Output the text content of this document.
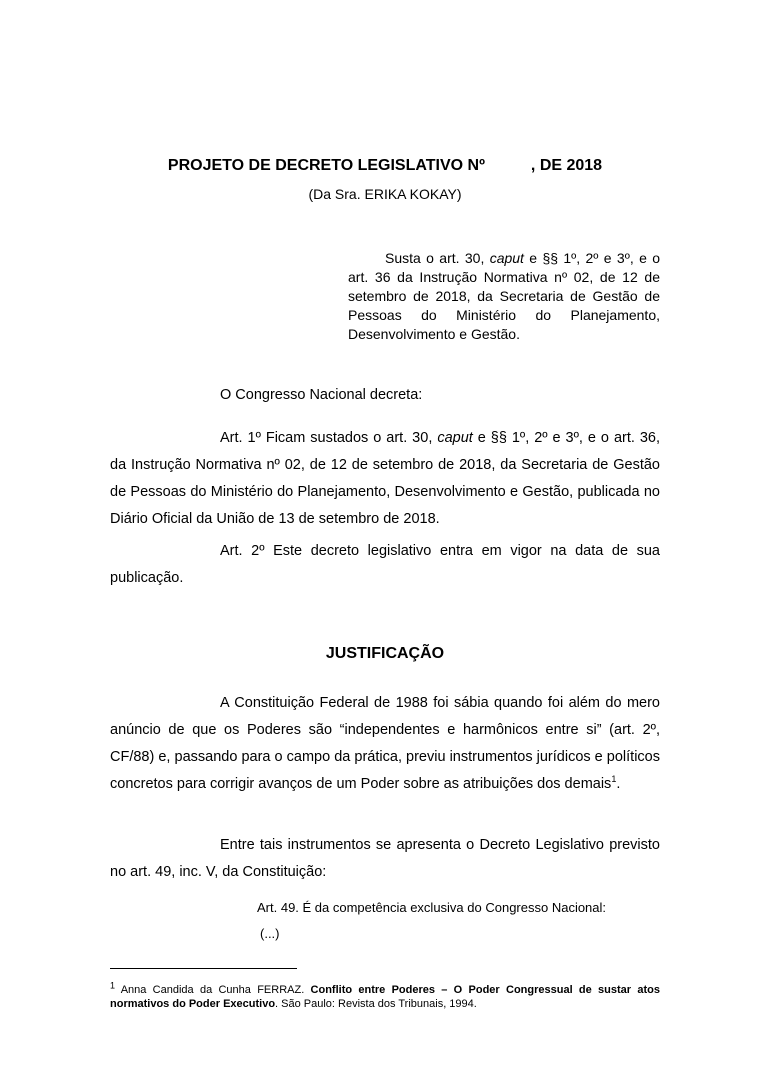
PROJETO DE DECRETO LEGISLATIVO Nº	, DE 2018
(Da Sra. ERIKA KOKAY)
Susta o art. 30, caput e §§ 1º, 2º e 3º, e o art. 36 da Instrução Normativa nº 02, de 12 de setembro de 2018, da Secretaria de Gestão de Pessoas do Ministério do Planejamento, Desenvolvimento e Gestão.
O Congresso Nacional decreta:
Art. 1º Ficam sustados o art. 30, caput e §§ 1º, 2º e 3º, e o art. 36, da Instrução Normativa nº 02, de 12 de setembro de 2018, da Secretaria de Gestão de Pessoas do Ministério do Planejamento, Desenvolvimento e Gestão, publicada no Diário Oficial da União de 13 de setembro de 2018.
Art. 2º Este decreto legislativo entra em vigor na data de sua publicação.
JUSTIFICAÇÃO
A Constituição Federal de 1988 foi sábia quando foi além do mero anúncio de que os Poderes são “independentes e harmônicos entre si” (art. 2º, CF/88) e, passando para o campo da prática, previu instrumentos jurídicos e políticos concretos para corrigir avanços de um Poder sobre as atribuições dos demais$^1$.
Entre tais instrumentos se apresenta o Decreto Legislativo previsto no art. 49, inc. V, da Constituição:
Art. 49. É da competência exclusiva do Congresso Nacional:
(...)
$^1$ Anna Candida da Cunha FERRAZ. Conflito entre Poderes – O Poder Congressual de sustar atos normativos do Poder Executivo. São Paulo: Revista dos Tribunais, 1994.
